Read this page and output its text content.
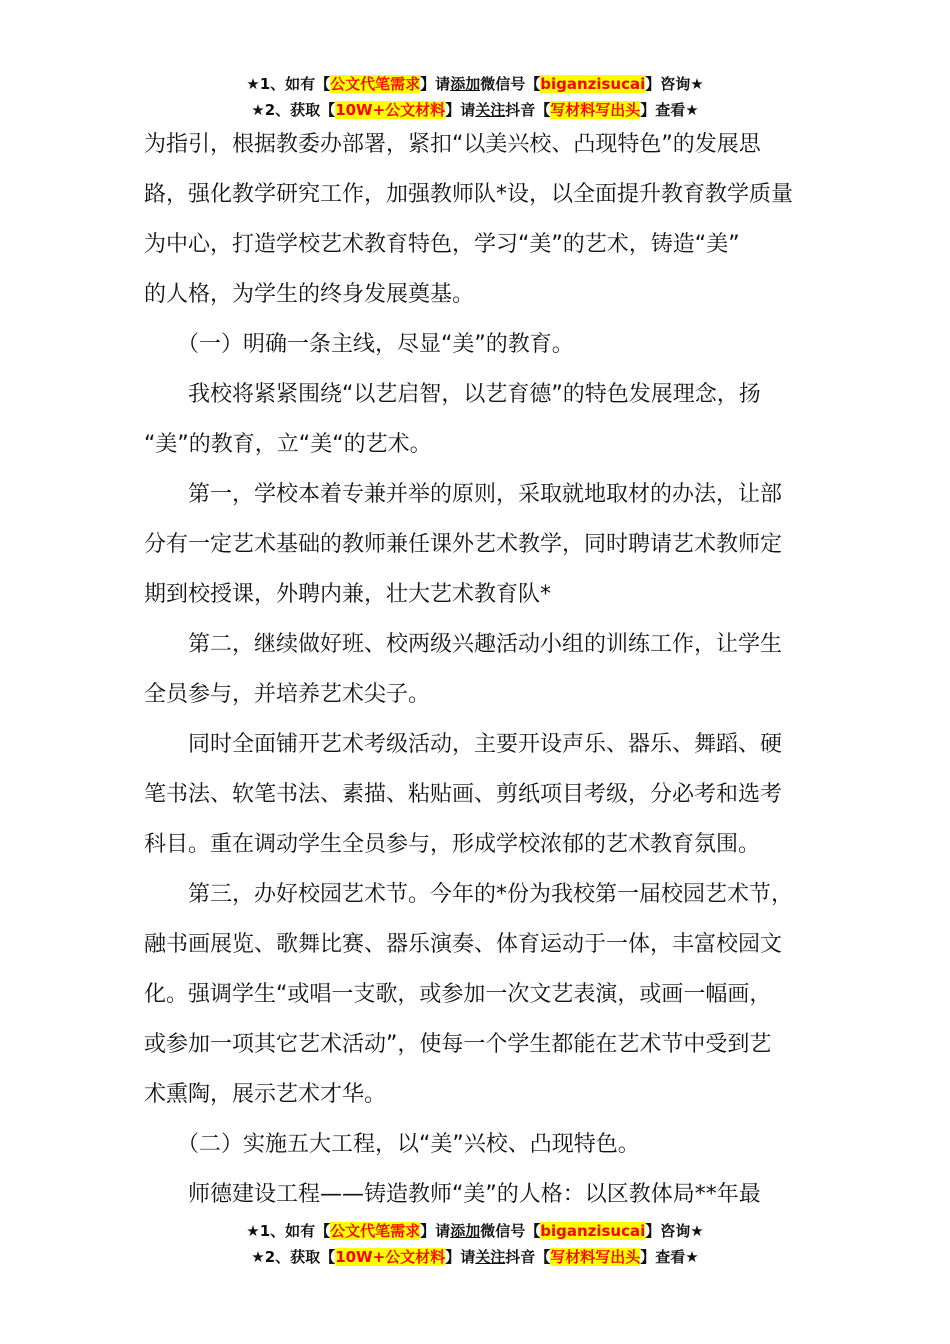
★1、如有【公文代笔需求】请添加微信号【biganzisucai】咨询★
★2、获取【10W+公文材料】请关注抖音【写材料写出头】查看★

为指引，根据教委办部署，紧扣“以美兴校、凸现特色”的发展思

路，强化教学研究工作，加强教师队*设，以全面提升教育教学质量

为中心，打造学校艺术教育特色，学习“美”的艺术，铸造“美”

的人格，为学生的终身发展奠基。

　　（一）明确一条主线，尽显“美”的教育。

　　我校将紧紧围绕“以艺启智，以艺育德”的特色发展理念，扬

“美”的教育，立“美“的艺术。

　　第一，学校本着专兼并举的原则，采取就地取材的办法，让部

分有一定艺术基础的教师兼任课外艺术教学，同时聘请艺术教师定

期到校授课，外聘内兼，壮大艺术教育队*

　　第二，继续做好班、校两级兴趣活动小组的训练工作，让学生

全员参与，并培养艺术尖子。

　　同时全面铺开艺术考级活动，主要开设声乐、器乐、舞蹈、硬

笔书法、软笔书法、素描、粘贴画、剪纸项目考级，分必考和选考

科目。重在调动学生全员参与，形成学校浓郁的艺术教育氛围。

　　第三，办好校园艺术节。今年的*份为我校第一届校园艺术节，

融书画展览、歌舞比赛、器乐演奏、体育运动于一体，丰富校园文

化。强调学生“或唱一支歌，或参加一次文艺表演，或画一幅画，

或参加一项其它艺术活动”，使每一个学生都能在艺术节中受到艺

术熏陶，展示艺术才华。

　　（二）实施五大工程，以“美”兴校、凸现特色。

　　师德建设工程——铸造教师“美”的人格：以区教体局**年最

★1、如有【公文代笔需求】请添加微信号【biganzisucai】咨询★
★2、获取【10W+公文材料】请关注抖音【写材料写出头】查看★
